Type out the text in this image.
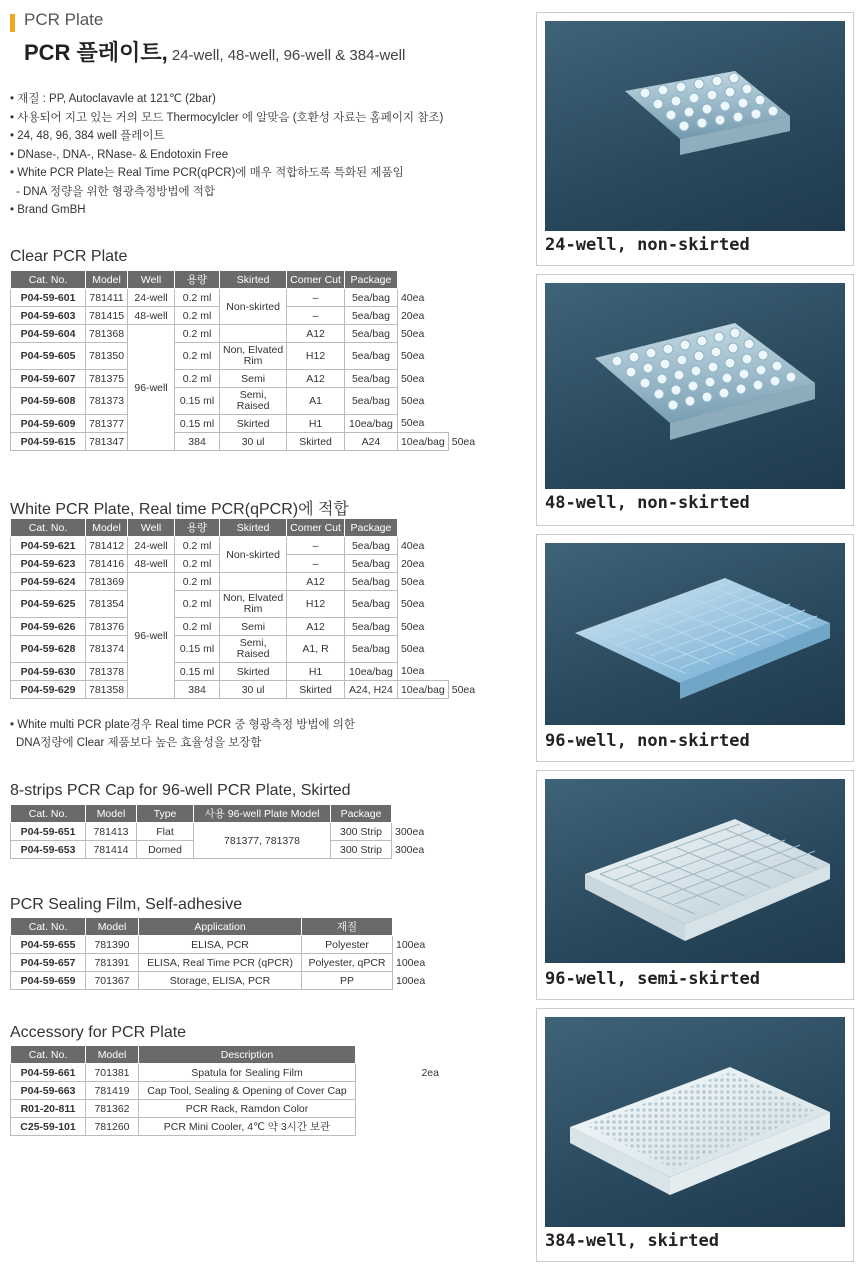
PCR Plate
PCR 플레이트, 24-well, 48-well, 96-well & 384-well
• 재질 : PP, Autoclavavle at 121℃ (2bar)
• 사용되어 지고 있는 거의 모드 Thermocylcler 에 알맞음 (호환성 자료는 홈페이지 참조)
• 24, 48, 96, 384 well 플레이트
• DNase-, DNA-, RNase- & Endotoxin Free
• White PCR Plate는 Real Time PCR(qPCR)에 매우 적합하도록 특화된 제품임
- DNA 정량을 위한 형광측정방법에 적합
• Brand GmBH
Clear PCR Plate
Cat. No.	Model	Well	용량	Skirted	Comer Cut	Package		
P04-59-601	781411	24-well	0.2 ml	Non-skirted	–	5ea/bag	40ea	
P04-59-603	781415	48-well	0.2 ml		–	5ea/bag	20ea	
P04-59-604	781368	96-well	0.2 ml		A12	5ea/bag	50ea	
P04-59-605	781350		0.2 ml	Non, Elvated
Rim	H12	5ea/bag	50ea	
P04-59-607	781375		0.2 ml	Semi	A12	5ea/bag	50ea	
P04-59-608	781373		0.15 ml	Semi,
Raised	A1	5ea/bag	50ea	
P04-59-609	781377		0.15 ml	Skirted	H1	10ea/bag	50ea	
P04-59-615	781347		384	30 ul	Skirted	A24	10ea/bag	50ea
White PCR Plate, Real time PCR(qPCR)에 적합
Cat. No.	Model	Well	용량	Skirted	Comer Cut	Package		
P04-59-621	781412	24-well	0.2 ml	Non-skirted	–	5ea/bag	40ea	
P04-59-623	781416	48-well	0.2 ml		–	5ea/bag	20ea	
P04-59-624	781369	96-well	0.2 ml		A12	5ea/bag	50ea	
P04-59-625	781354		0.2 ml	Non, Elvated
Rim	H12	5ea/bag	50ea	
P04-59-626	781376		0.2 ml	Semi	A12	5ea/bag	50ea	
P04-59-628	781374		0.15 ml	Semi,
Raised	A1, R	5ea/bag	50ea	
P04-59-630	781378		0.15 ml	Skirted	H1	10ea/bag	10ea	
P04-59-629	781358		384	30 ul	Skirted	A24, H24	10ea/bag	50ea
• White multi PCR plate경우 Real time PCR 중 형광측정 방법에 의한
DNA정량에 Clear 제품보다 높은 효율성을 보장함
8-strips PCR Cap for 96-well PCR Plate, Skirted
Cat. No.	Model	Type	사용 96-well Plate Model	Package	
P04-59-651	781413	Flat	781377, 781378	300 Strip	300ea
P04-59-653	781414	Domed		300 Strip	300ea
PCR Sealing Film, Self-adhesive
Cat. No.	Model	Application	재질	
P04-59-655	781390	ELISA, PCR	Polyester	100ea
P04-59-657	781391	ELISA, Real Time PCR (qPCR)	Polyester, qPCR	100ea
P04-59-659	701367	Storage, ELISA, PCR	PP	100ea
Accessory for PCR Plate
Cat. No.	Model	Description	
P04-59-661	701381	Spatula for Sealing Film	2ea
P04-59-663	781419	Cap Tool, Sealing & Opening of Cover Cap	
R01-20-811	781362	PCR Rack, Ramdon Color	
C25-59-101	781260	PCR Mini Cooler, 4℃ 약 3시간 보관	
24-well, non-skirted
48-well, non-skirted
96-well, non-skirted
96-well, semi-skirted
384-well, skirted
